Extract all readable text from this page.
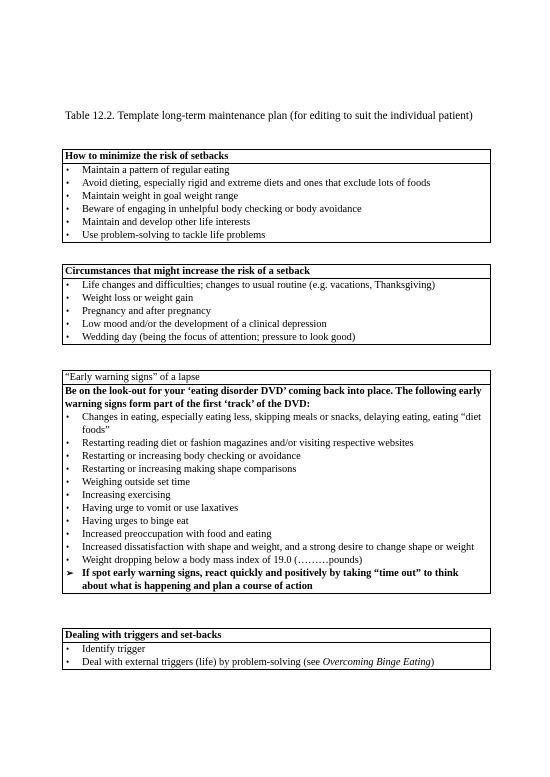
Table 12.2. Template long-term maintenance plan (for editing to suit the individual patient)
How to minimize the risk of setbacks
• Maintain a pattern of regular eating
• Avoid dieting, especially rigid and extreme diets and ones that exclude lots of foods
• Maintain weight in goal weight range
• Beware of engaging in unhelpful body checking or body avoidance
• Maintain and develop other life interests
• Use problem-solving to tackle life problems
Circumstances that might increase the risk of a setback
• Life changes and difficulties; changes to usual routine (e.g. vacations, Thanksgiving)
• Weight loss or weight gain
• Pregnancy and after pregnancy
• Low mood and/or the development of a clinical depression
• Wedding day (being the focus of attention; pressure to look good)
“Early warning signs” of a lapse
Be on the look-out for your ‘eating disorder DVD’ coming back into place. The following early warning signs form part of the first ‘track’ of the DVD:
• Changes in eating, especially eating less, skipping meals or snacks, delaying eating, eating “diet foods”
• Restarting reading diet or fashion magazines and/or visiting respective websites
• Restarting or increasing body checking or avoidance
• Restarting or increasing making shape comparisons
• Weighing outside set time
• Increasing exercising
• Having urge to vomit or use laxatives
• Having urges to binge eat
• Increased preoccupation with food and eating
• Increased dissatisfaction with shape and weight, and a strong desire to change shape or weight
• Weight dropping below a body mass index of 19.0 (………pounds)
➢ If spot early warning signs, react quickly and positively by taking “time out” to think about what is happening and plan a course of action
Dealing with triggers and set-backs
• Identify trigger
• Deal with external triggers (life) by problem-solving (see Overcoming Binge Eating)
